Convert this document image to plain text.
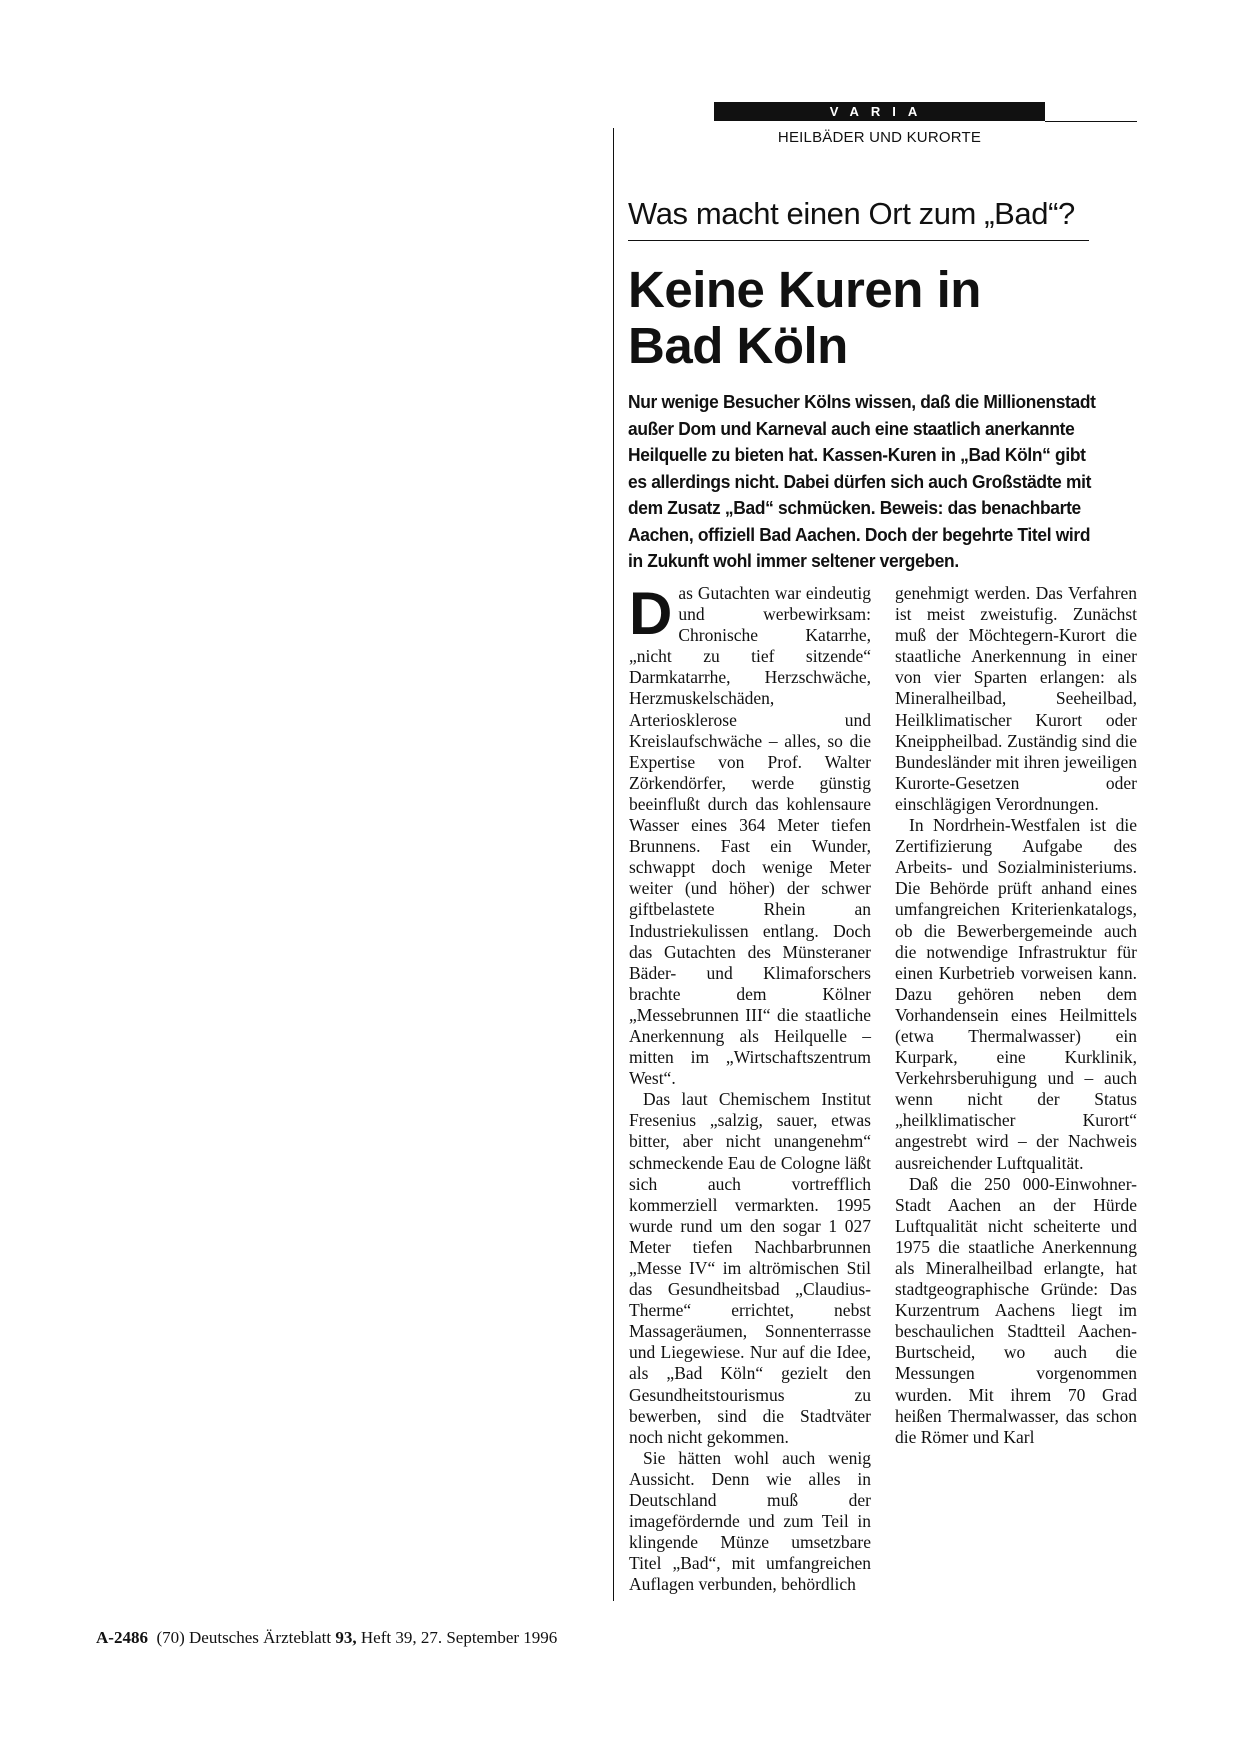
VARIA
HEILBÄDER UND KURORTE
Was macht einen Ort zum „Bad“?
Keine Kuren in
Bad Köln

Nur wenige Besucher Kölns wissen, daß die Millionenstadt außer Dom und Karneval auch eine staatlich anerkannte Heilquelle zu bieten hat. Kassen-Kuren in „Bad Köln“ gibt es allerdings nicht. Dabei dürfen sich auch Großstädte mit dem Zusatz „Bad“ schmücken. Beweis: das benachbarte Aachen, offiziell Bad Aachen. Doch der begehrte Titel wird in Zukunft wohl immer seltener vergeben.

Das Gutachten war eindeutig und werbewirksam: Chronische Katarrhe, „nicht zu tief sitzende“ Darmkatarrhe, Herzschwäche, Herzmuskelschäden, Arteriosklerose und Kreislaufschwäche – alles, so die Expertise von Prof. Walter Zörkendörfer, werde günstig beeinflußt durch das kohlensaure Wasser eines 364 Meter tiefen Brunnens. Fast ein Wunder, schwappt doch wenige Meter weiter (und höher) der schwer giftbelastete Rhein an Industriekulissen entlang. Doch das Gutachten des Münsteraner Bäder- und Klimaforschers brachte dem Kölner „Messebrunnen III“ die staatliche Anerkennung als Heilquelle – mitten im „Wirtschaftszentrum West“.

Das laut Chemischem Institut Fresenius „salzig, sauer, etwas bitter, aber nicht unangenehm“ schmeckende Eau de Cologne läßt sich auch vortrefflich kommerziell vermarkten. 1995 wurde rund um den sogar 1 027 Meter tiefen Nachbarbrunnen „Messe IV“ im altrömischen Stil das Gesundheitsbad „Claudius-Therme“ errichtet, nebst Massageräumen, Sonnenterrasse und Liegewiese. Nur auf die Idee, als „Bad Köln“ gezielt den Gesundheitstourismus zu bewerben, sind die Stadtväter noch nicht gekommen.

Sie hätten wohl auch wenig Aussicht. Denn wie alles in Deutschland muß der imagefördernde und zum Teil in klingende Münze umsetzbare Titel „Bad“, mit umfangreichen Auflagen verbunden, behördlich

genehmigt werden. Das Verfahren ist meist zweistufig. Zunächst muß der Möchtegern-Kurort die staatliche Anerkennung in einer von vier Sparten erlangen: als Mineralheilbad, Seeheilbad, Heilklimatischer Kurort oder Kneippheilbad. Zuständig sind die Bundesländer mit ihren jeweiligen Kurorte-Gesetzen oder einschlägigen Verordnungen.

In Nordrhein-Westfalen ist die Zertifizierung Aufgabe des Arbeits- und Sozialministeriums. Die Behörde prüft anhand eines umfangreichen Kriterienkatalogs, ob die Bewerbergemeinde auch die notwendige Infrastruktur für einen Kurbetrieb vorweisen kann. Dazu gehören neben dem Vorhandensein eines Heilmittels (etwa Thermalwasser) ein Kurpark, eine Kurklinik, Verkehrsberuhigung und – auch wenn nicht der Status „heilklimatischer Kurort“ angestrebt wird – der Nachweis ausreichender Luftqualität.

Daß die 250 000-Einwohner-Stadt Aachen an der Hürde Luftqualität nicht scheiterte und 1975 die staatliche Anerkennung als Mineralheilbad erlangte, hat stadtgeographische Gründe: Das Kurzentrum Aachens liegt im beschaulichen Stadtteil Aachen-Burtscheid, wo auch die Messungen vorgenommen wurden. Mit ihrem 70 Grad heißen Thermalwasser, das schon die Römer und Karl

A-2486 (70) Deutsches Ärzteblatt 93, Heft 39, 27. September 1996
